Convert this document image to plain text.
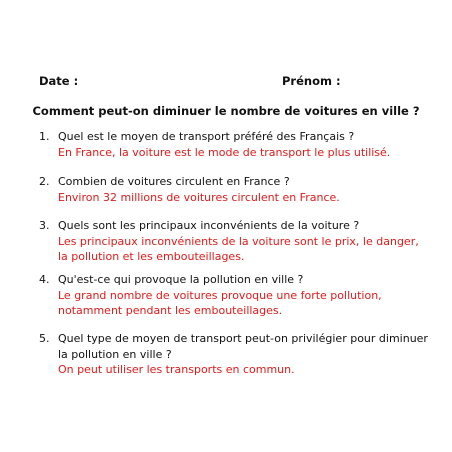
Date :	Prénom :
Comment peut-on diminuer le nombre de voitures en ville ?
1. Quel est le moyen de transport préféré des Français ?
En France, la voiture est le mode de transport le plus utilisé.
2. Combien de voitures circulent en France ?
Environ 32 millions de voitures circulent en France.
3. Quels sont les principaux inconvénients de la voiture ?
Les principaux inconvénients de la voiture sont le prix, le danger, la pollution et les embouteillages.
4. Qu'est-ce qui provoque la pollution en ville ?
Le grand nombre de voitures provoque une forte pollution, notamment pendant les embouteillages.
5. Quel type de moyen de transport peut-on privilégier pour diminuer la pollution en ville ?
On peut utiliser les transports en commun.
